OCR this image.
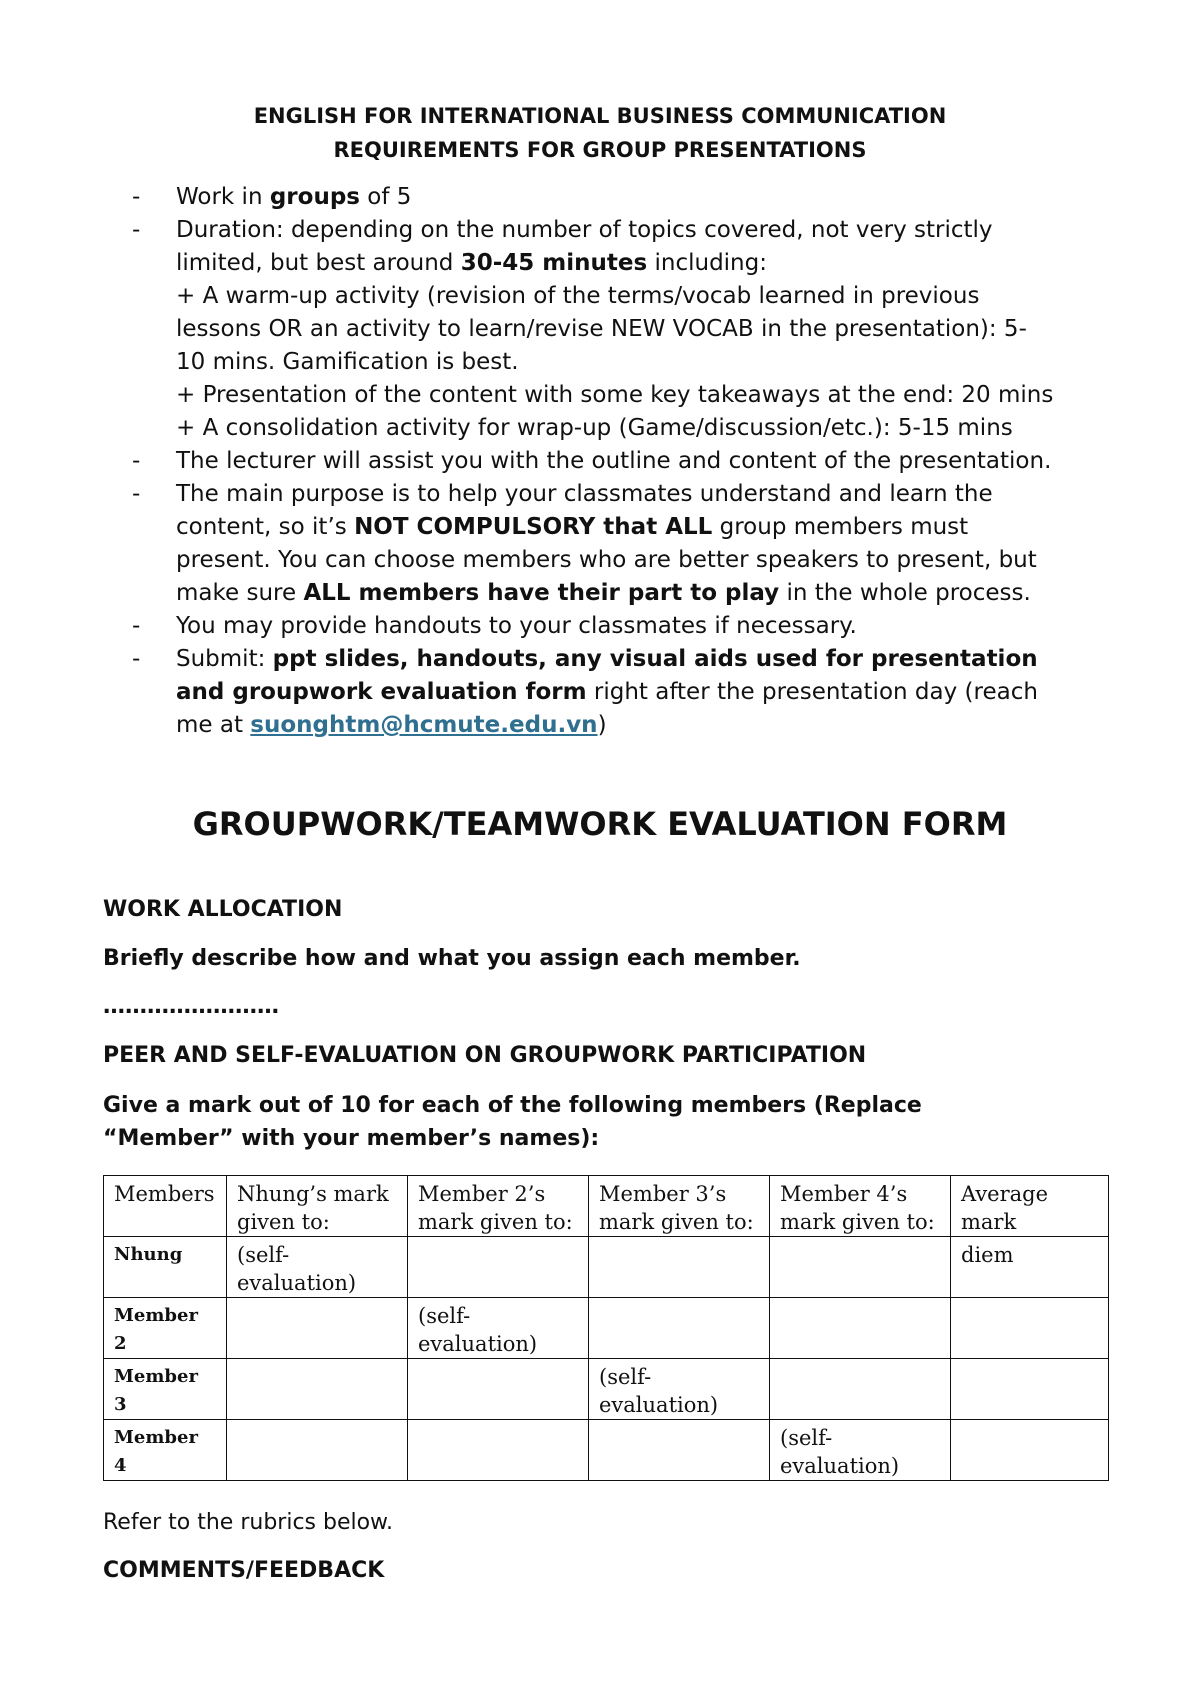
ENGLISH FOR INTERNATIONAL BUSINESS COMMUNICATION
REQUIREMENTS FOR GROUP PRESENTATIONS
- Work in groups of 5
- Duration: depending on the number of topics covered, not very strictly
limited, but best around 30-45 minutes including:
+ A warm-up activity (revision of the terms/vocab learned in previous
lessons OR an activity to learn/revise NEW VOCAB in the presentation): 5-
10 mins. Gamification is best.
+ Presentation of the content with some key takeaways at the end: 20 mins
+ A consolidation activity for wrap-up (Game/discussion/etc.): 5-15 mins
- The lecturer will assist you with the outline and content of the presentation.
- The main purpose is to help your classmates understand and learn the
content, so it’s NOT COMPULSORY that ALL group members must
present. You can choose members who are better speakers to present, but
make sure ALL members have their part to play in the whole process.
- You may provide handouts to your classmates if necessary.
- Submit: ppt slides, handouts, any visual aids used for presentation
and groupwork evaluation form right after the presentation day (reach
me at suonghtm@hcmute.edu.vn)
GROUPWORK/TEAMWORK EVALUATION FORM
WORK ALLOCATION
Briefly describe how and what you assign each member.
……………………
PEER AND SELF-EVALUATION ON GROUPWORK PARTICIPATION
Give a mark out of 10 for each of the following members (Replace
“Member” with your member’s names):
Members	Nhung’s mark given to:	Member 2’s mark given to:	Member 3’s mark given to:	Member 4’s mark given to:	Average mark
Nhung	(self-evaluation)				diem
Member 2		(self-evaluation)			
Member 3			(self-evaluation)		
Member 4				(self-evaluation)	
Refer to the rubrics below.
COMMENTS/FEEDBACK
